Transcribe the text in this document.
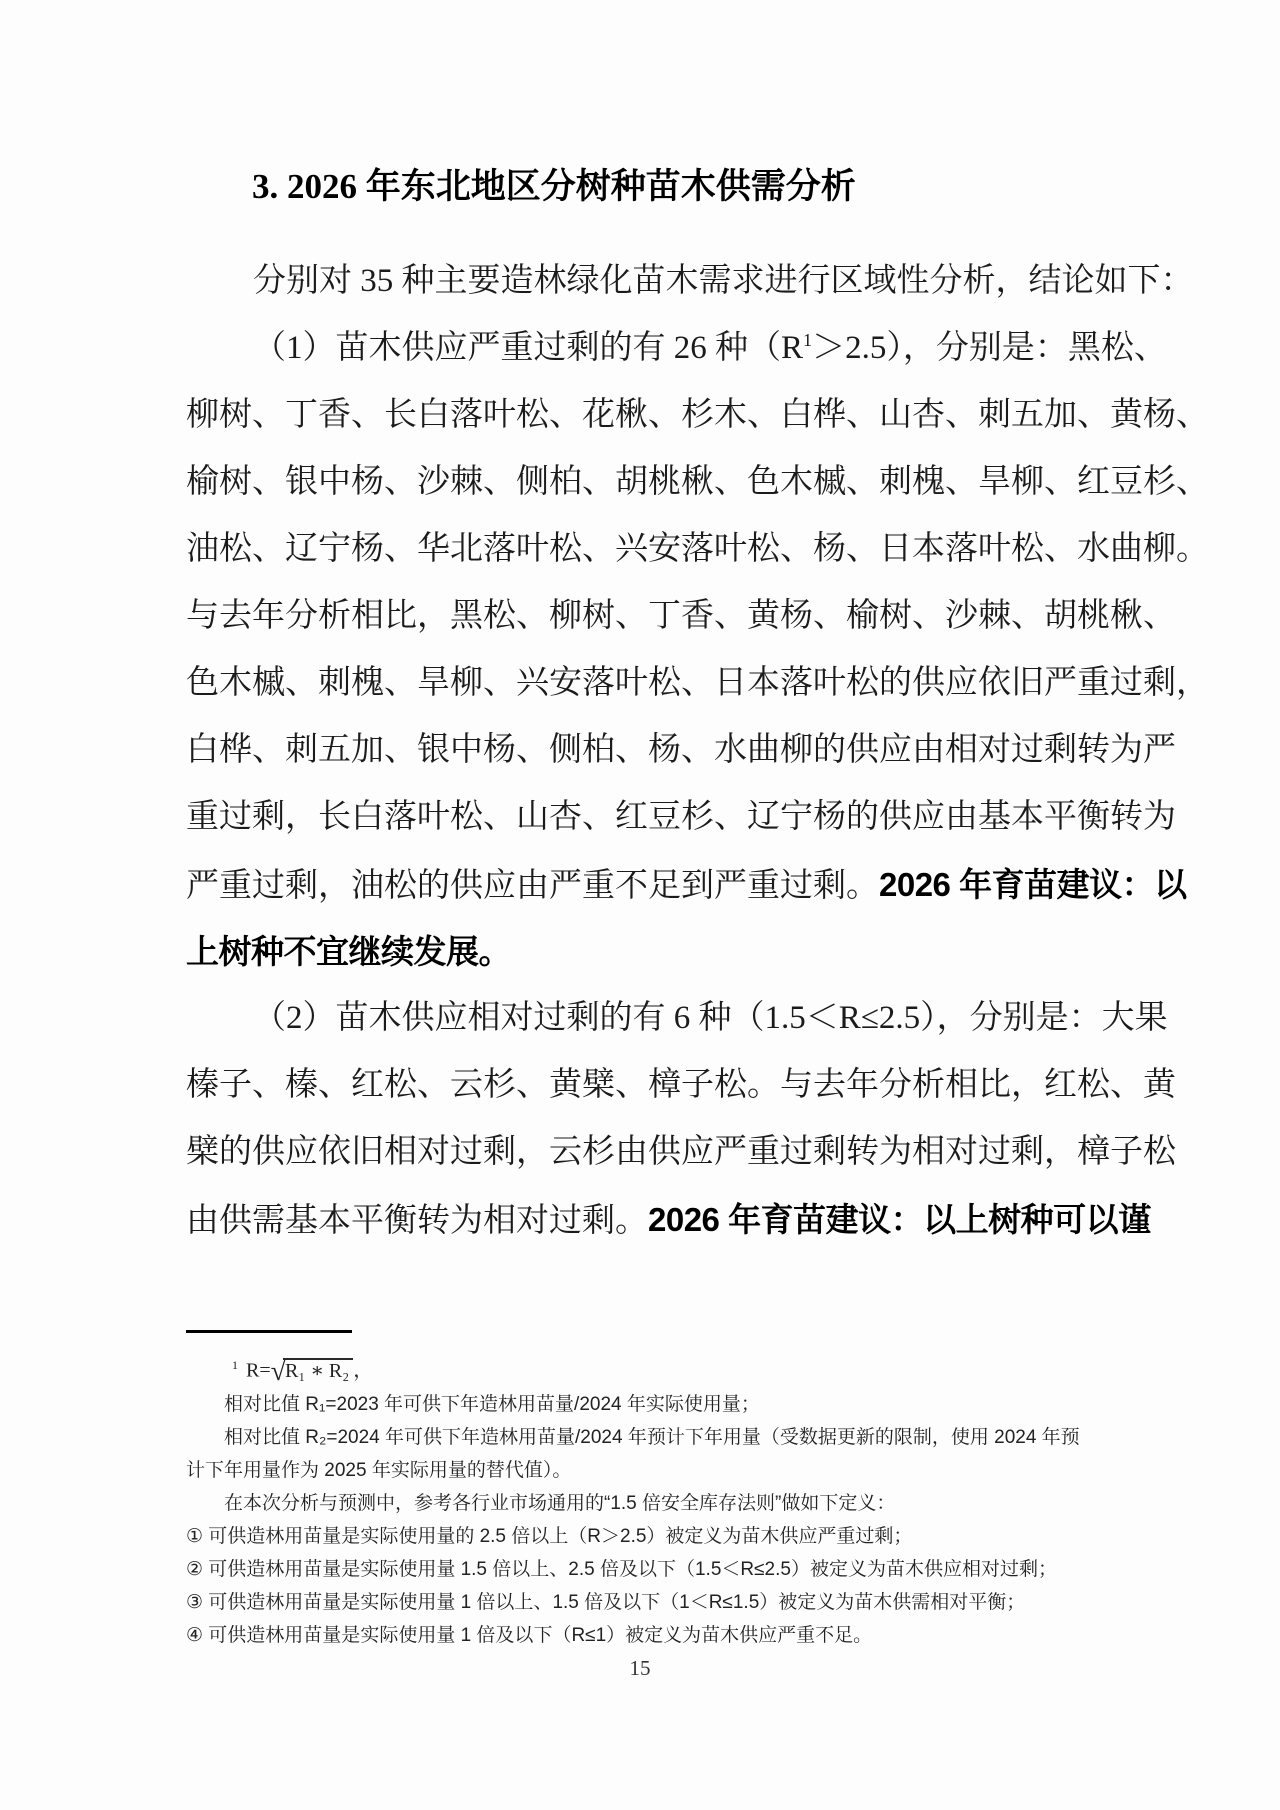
3. 2026 年东北地区分树种苗木供需分析
分别对 35 种主要造林绿化苗木需求进行区域性分析，结论如下：
（1）苗木供应严重过剩的有 26 种$(R^1>2.5)$，分别是：黑松、
柳树、丁香、长白落叶松、花楸、杉木、白桦、山杏、刺五加、黄杨、
榆树、银中杨、沙棘、侧柏、胡桃楸、色木槭、刺槐、旱柳、红豆杉、
油松、辽宁杨、华北落叶松、兴安落叶松、杨、日本落叶松、水曲柳。
与去年分析相比，黑松、柳树、丁香、黄杨、榆树、沙棘、胡桃楸、
色木槭、刺槐、旱柳、兴安落叶松、日本落叶松的供应依旧严重过剩，
白桦、刺五加、银中杨、侧柏、杨、水曲柳的供应由相对过剩转为严
重过剩，长白落叶松、山杏、红豆杉、辽宁杨的供应由基本平衡转为
严重过剩，油松的供应由严重不足到严重过剩。2026 年育苗建议：以
上树种不宜继续发展。
（2）苗木供应相对过剩的有 6 种（1.5＜R≤2.5），分别是：大果
榛子、榛、红松、云杉、黄檗、樟子松。与去年分析相比，红松、黄
檗的供应依旧相对过剩，云杉由供应严重过剩转为相对过剩，樟子松
由供需基本平衡转为相对过剩。2026 年育苗建议：以上树种可以谨
$^1$ R=√R₁ ∗ R₂ ，
相对比值 R₁=2023 年可供下年造林用苗量/2024 年实际使用量；
相对比值 R₂=2024 年可供下年造林用苗量/2024 年预计下年用量（受数据更新的限制，使用 2024 年预
计下年用量作为 2025 年实际用量的替代值）。
在本次分析与预测中，参考各行业市场通用的“1.5 倍安全库存法则”做如下定义：
① 可供造林用苗量是实际使用量的 2.5 倍以上（R＞2.5）被定义为苗木供应严重过剩；
② 可供造林用苗量是实际使用量 1.5 倍以上、2.5 倍及以下（1.5＜R≤2.5）被定义为苗木供应相对过剩；
③ 可供造林用苗量是实际使用量 1 倍以上、1.5 倍及以下（1＜R≤1.5）被定义为苗木供需相对平衡；
④ 可供造林用苗量是实际使用量 1 倍及以下（R≤1）被定义为苗木供应严重不足。
15
